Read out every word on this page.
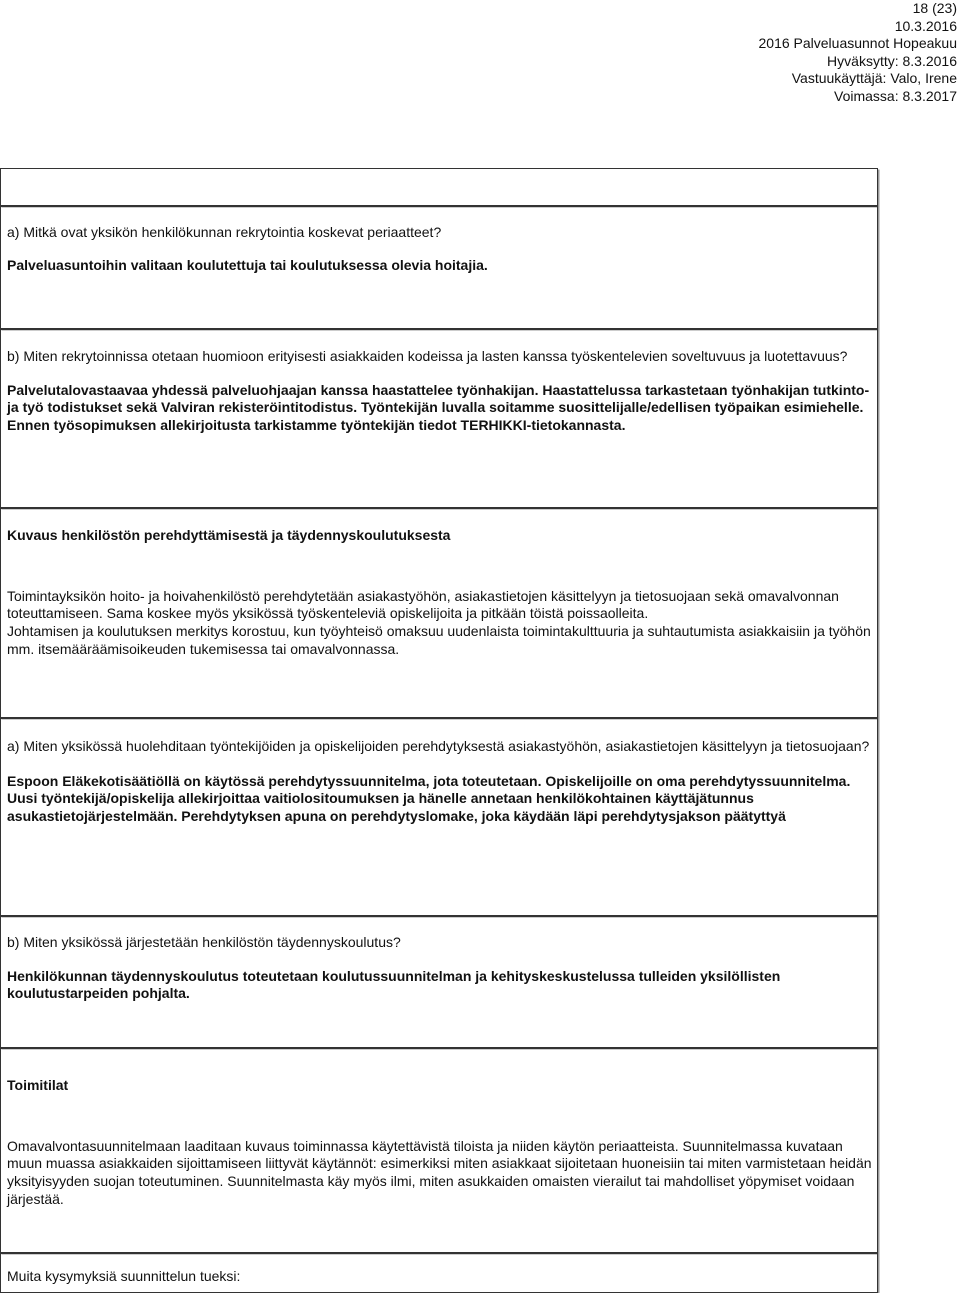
18 (23)
10.3.2016
2016 Palveluasunnot Hopeakuu
Hyväksytty: 8.3.2016
Vastuukäyttäjä: Valo, Irene
Voimassa: 8.3.2017

a) Mitkä ovat yksikön henkilökunnan rekrytointia koskevat periaatteet?

Palveluasuntoihin valitaan koulutettuja tai koulutuksessa olevia hoitajia.

b) Miten rekrytoinnissa otetaan huomioon erityisesti asiakkaiden kodeissa ja lasten kanssa työskentelevien soveltuvuus ja luotettavuus?

Palvelutalovastaavaa yhdessä palveluohjaajan kanssa haastattelee työnhakijan. Haastattelussa tarkastetaan työnhakijan tutkinto- ja työ todistukset sekä Valviran rekisteröintitodistus. Työntekijän luvalla soitamme suosittelijalle/edellisen työpaikan esimiehelle. Ennen työsopimuksen allekirjoitusta tarkistamme työntekijän tiedot TERHIKKI-tietokannasta.

Kuvaus henkilöstön perehdyttämisestä ja täydennyskoulutuksesta

Toimintayksikön hoito- ja hoivahenkilöstö perehdytetään asiakastyöhön, asiakastietojen käsittelyyn ja tietosuojaan sekä omavalvonnan toteuttamiseen. Sama koskee myös yksikössä työskenteleviä opiskelijoita ja pitkään töistä poissaolleita.

Johtamisen ja koulutuksen merkitys korostuu, kun työyhteisö omaksuu uudenlaista toimintakulttuuria ja suhtautumista asiakkaisiin ja työhön mm. itsemääräämisoikeuden tukemisessa tai omavalvonnassa.

a) Miten yksikössä huolehditaan työntekijöiden ja opiskelijoiden perehdytyksestä asiakastyöhön, asiakastietojen käsittelyyn ja tietosuojaan?

Espoon Eläkekotisäätiöllä on käytössä perehdytyssuunnitelma, jota toteutetaan. Opiskelijoille on oma perehdytyssuunnitelma. Uusi työntekijä/opiskelija allekirjoittaa vaitiolositoumuksen ja hänelle annetaan henkilökohtainen käyttäjätunnus asukastietojärjestelmään. Perehdytyksen apuna on perehdytyslomake, joka käydään läpi perehdytysjakson päätyttyä

b) Miten yksikössä järjestetään henkilöstön täydennyskoulutus?

Henkilökunnan täydennyskoulutus toteutetaan koulutussuunnitelman ja kehityskeskustelussa tulleiden yksilöllisten koulutustarpeiden pohjalta.

Toimitilat

Omavalvontasuunnitelmaan laaditaan kuvaus toiminnassa käytettävistä tiloista ja niiden käytön periaatteista. Suunnitelmassa kuvataan muun muassa asiakkaiden sijoittamiseen liittyvät käytännöt: esimerkiksi miten asiakkaat sijoitetaan huoneisiin tai miten varmistetaan heidän yksityisyyden suojan toteutuminen. Suunnitelmasta käy myös ilmi, miten asukkaiden omaisten vierailut tai mahdolliset yöpymiset voidaan järjestää.

Muita kysymyksiä suunnittelun tueksi:
